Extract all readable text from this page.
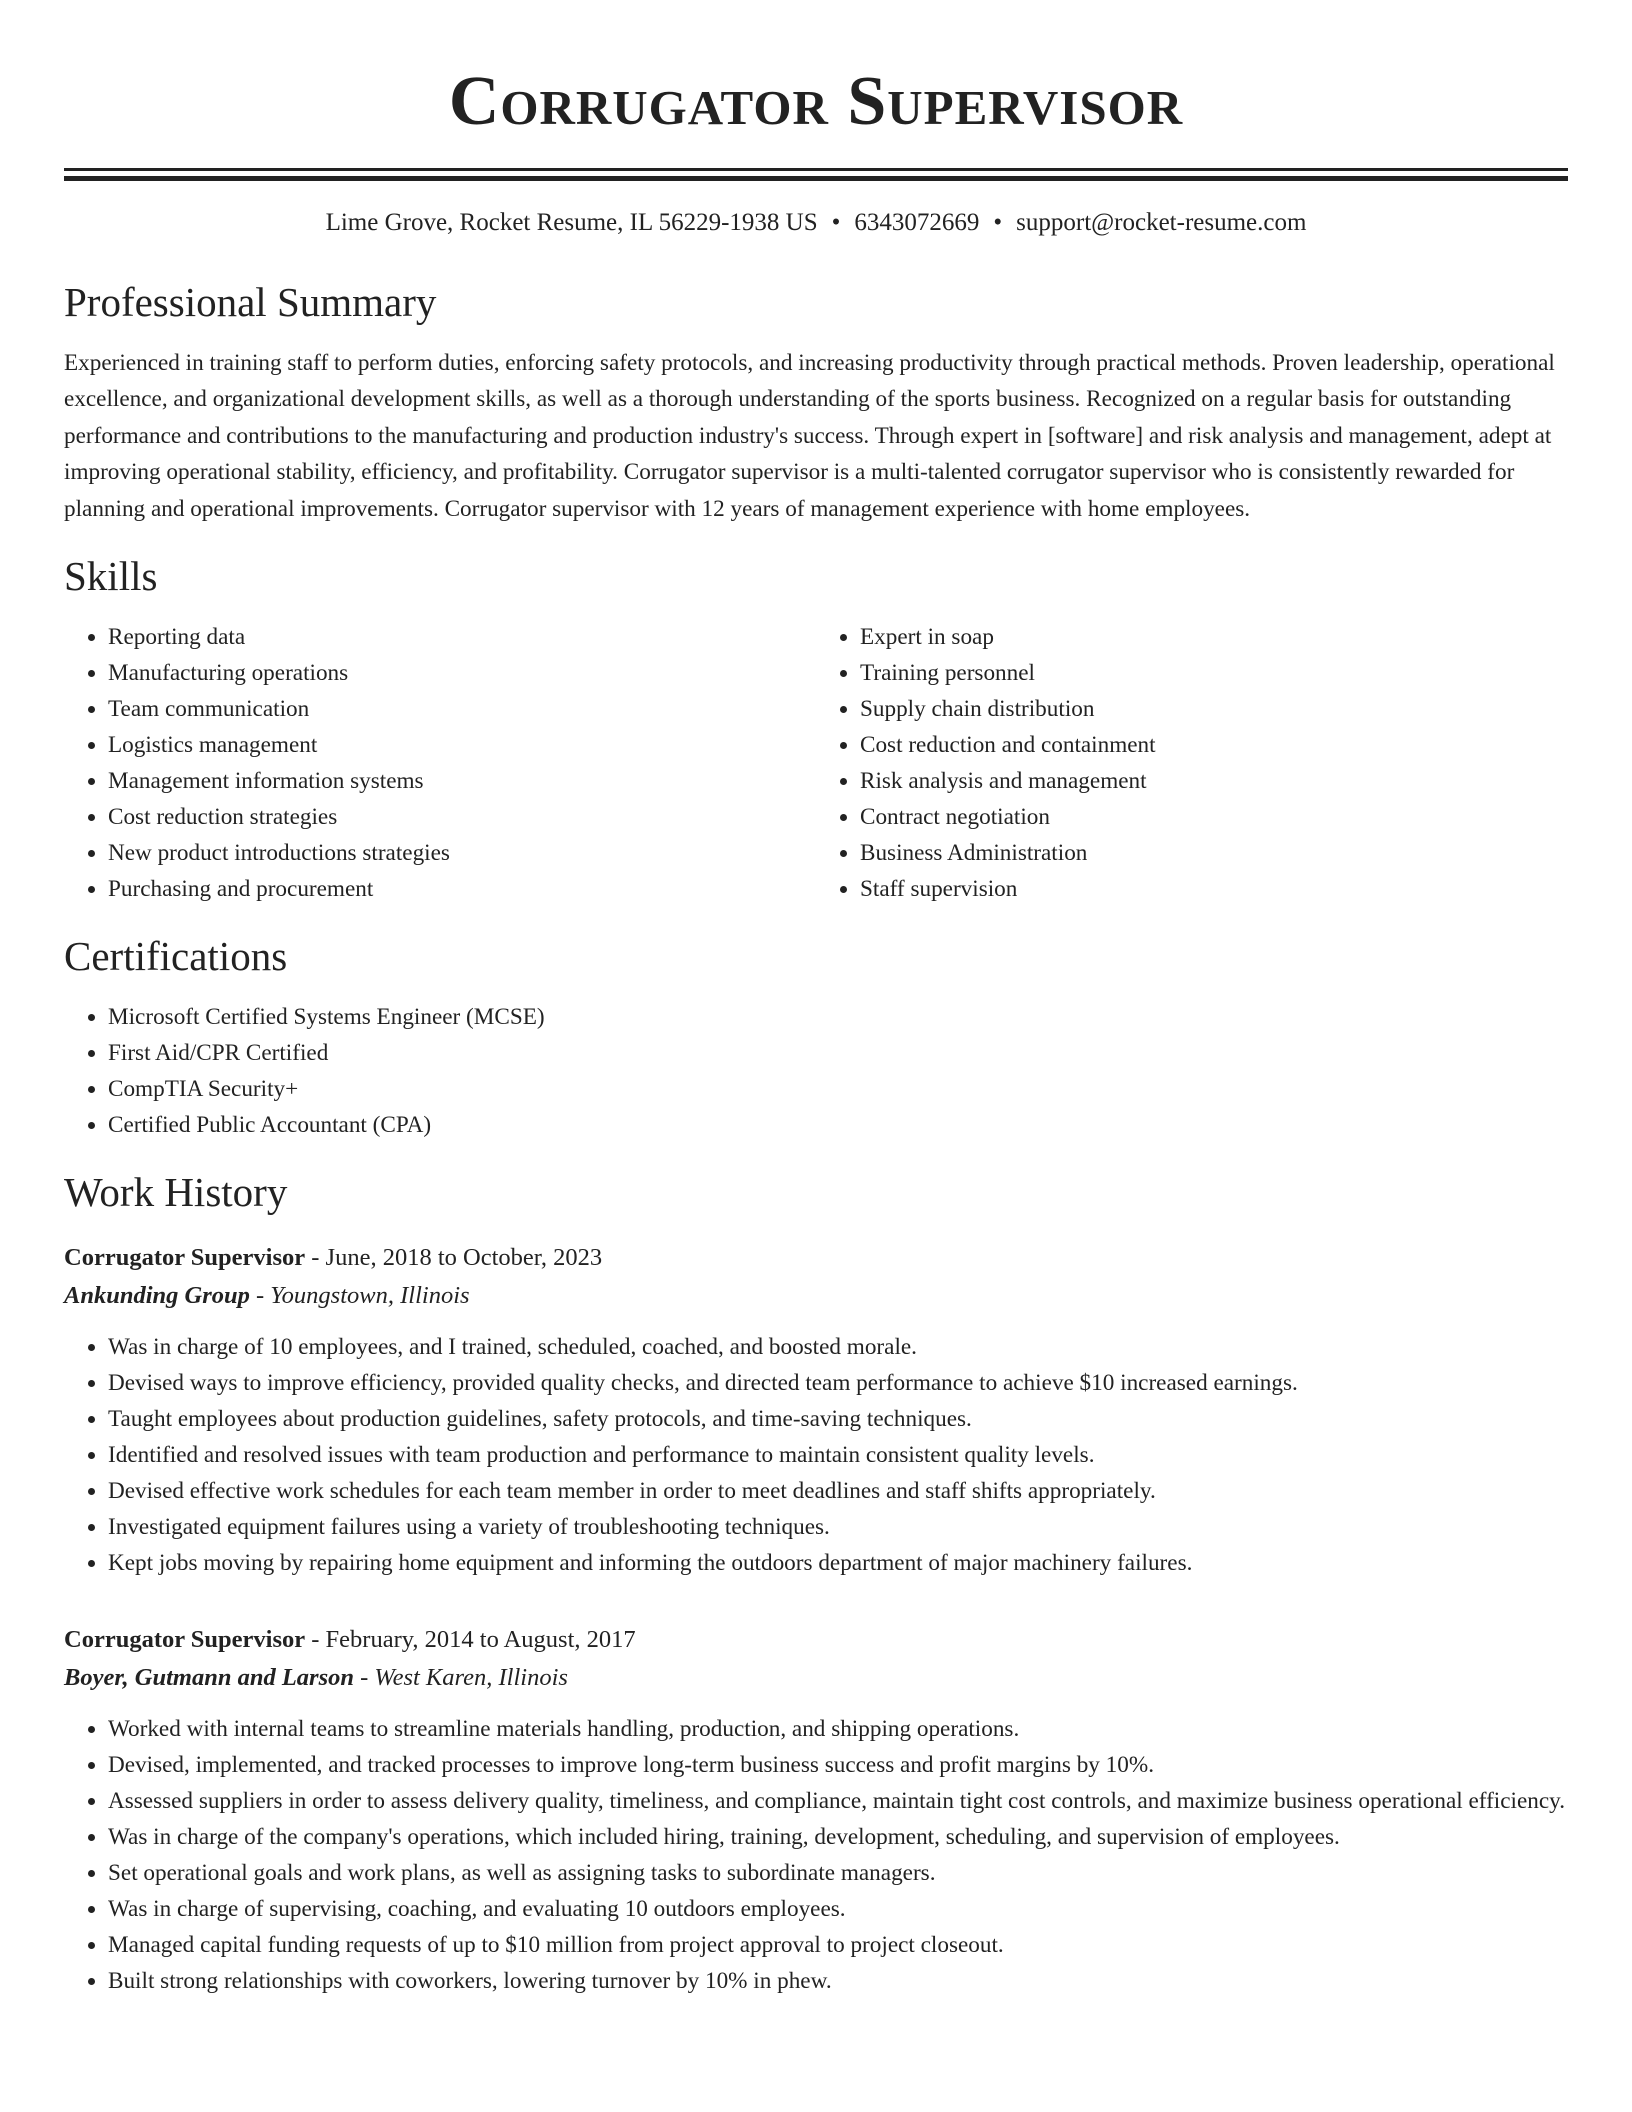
Corrugator Supervisor
Lime Grove, Rocket Resume, IL 56229-1938 US • 6343072669 • support@rocket-resume.com
Professional Summary

Experienced in training staff to perform duties, enforcing safety protocols, and increasing productivity through practical methods. Proven leadership, operational excellence, and organizational development skills, as well as a thorough understanding of the sports business. Recognized on a regular basis for outstanding performance and contributions to the manufacturing and production industry's success. Through expert in [software] and risk analysis and management, adept at improving operational stability, efficiency, and profitability. Corrugator supervisor is a multi-talented corrugator supervisor who is consistently rewarded for planning and operational improvements. Corrugator supervisor with 12 years of management experience with home employees.

Skills
• Reporting data
• Manufacturing operations
• Team communication
• Logistics management
• Management information systems
• Cost reduction strategies
• New product introductions strategies
• Purchasing and procurement
• Expert in soap
• Training personnel
• Supply chain distribution
• Cost reduction and containment
• Risk analysis and management
• Contract negotiation
• Business Administration
• Staff supervision
Certifications
• Microsoft Certified Systems Engineer (MCSE)
• First Aid/CPR Certified
• CompTIA Security+
• Certified Public Accountant (CPA)
Work History
Corrugator Supervisor - June, 2018 to October, 2023
Ankunding Group - Youngstown, Illinois
• Was in charge of 10 employees, and I trained, scheduled, coached, and boosted morale.
• Devised ways to improve efficiency, provided quality checks, and directed team performance to achieve $10 increased earnings.
• Taught employees about production guidelines, safety protocols, and time-saving techniques.
• Identified and resolved issues with team production and performance to maintain consistent quality levels.
• Devised effective work schedules for each team member in order to meet deadlines and staff shifts appropriately.
• Investigated equipment failures using a variety of troubleshooting techniques.
• Kept jobs moving by repairing home equipment and informing the outdoors department of major machinery failures.
Corrugator Supervisor - February, 2014 to August, 2017
Boyer, Gutmann and Larson - West Karen, Illinois
• Worked with internal teams to streamline materials handling, production, and shipping operations.
• Devised, implemented, and tracked processes to improve long-term business success and profit margins by 10%.
• Assessed suppliers in order to assess delivery quality, timeliness, and compliance, maintain tight cost controls, and maximize business operational efficiency.
• Was in charge of the company's operations, which included hiring, training, development, scheduling, and supervision of employees.
• Set operational goals and work plans, as well as assigning tasks to subordinate managers.
• Was in charge of supervising, coaching, and evaluating 10 outdoors employees.
• Managed capital funding requests of up to $10 million from project approval to project closeout.
• Built strong relationships with coworkers, lowering turnover by 10% in phew.
